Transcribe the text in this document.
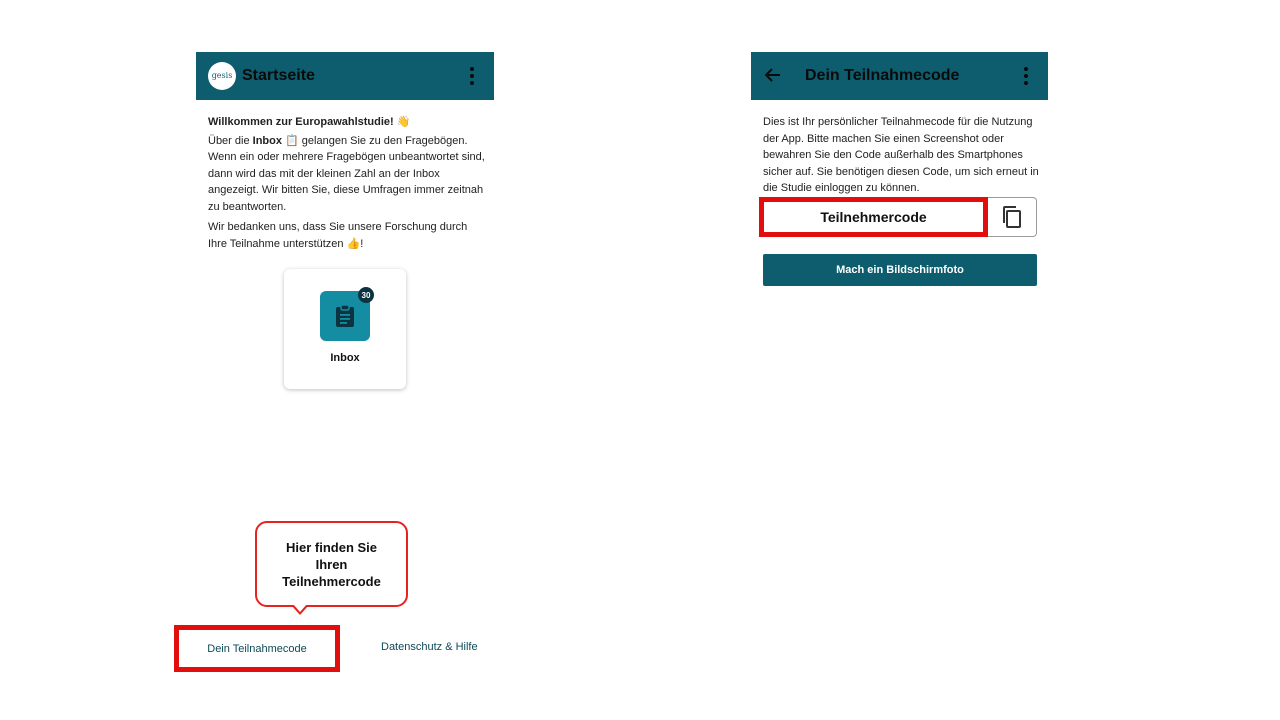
gesis Startseite

Willkommen zur Europawahlstudie! 👋

Über die Inbox 📋 gelangen Sie zu den Fragebögen. Wenn ein oder mehrere Fragebögen unbeantwortet sind, dann wird das mit der kleinen Zahl an der Inbox angezeigt. Wir bitten Sie, diese Umfragen immer zeitnah zu beantworten.

Wir bedanken uns, dass Sie unsere Forschung durch Ihre Teilnahme unterstützen 👍!

30
Inbox
Hier finden Sie Ihren Teilnehmercode
Dein Teilnahmecode	Datenschutz & Hilfe
Dein Teilnahmecode
Dies ist Ihr persönlicher Teilnahmecode für die Nutzung der App. Bitte machen Sie einen Screenshot oder bewahren Sie den Code außerhalb des Smartphones sicher auf. Sie benötigen diesen Code, um sich erneut in die Studie einloggen zu können.
Teilnehmercode
Mach ein Bildschirmfoto
